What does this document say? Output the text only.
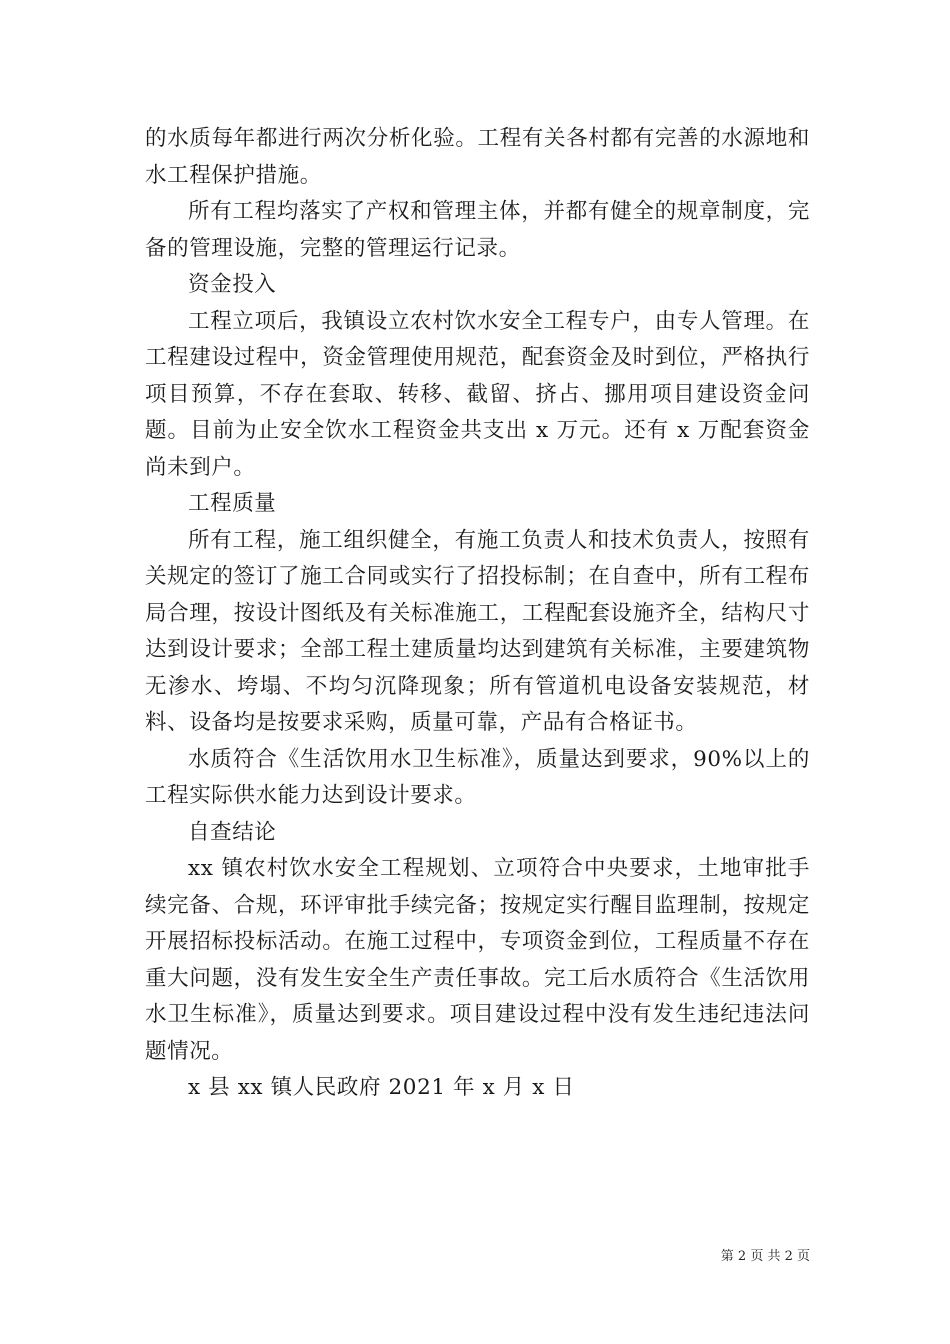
的水质每年都进行两次分析化验。工程有关各村都有完善的水源地和水工程保护措施。

所有工程均落实了产权和管理主体，并都有健全的规章制度，完备的管理设施，完整的管理运行记录。

资金投入

工程立项后，我镇设立农村饮水安全工程专户，由专人管理。在工程建设过程中，资金管理使用规范，配套资金及时到位，严格执行项目预算，不存在套取、转移、截留、挤占、挪用项目建设资金问题。目前为止安全饮水工程资金共支出 x 万元。还有 x 万配套资金尚未到户。

工程质量

所有工程，施工组织健全，有施工负责人和技术负责人，按照有关规定的签订了施工合同或实行了招投标制；在自查中，所有工程布局合理，按设计图纸及有关标准施工，工程配套设施齐全，结构尺寸达到设计要求；全部工程土建质量均达到建筑有关标准，主要建筑物无渗水、垮塌、不均匀沉降现象；所有管道机电设备安装规范，材料、设备均是按要求采购，质量可靠，产品有合格证书。

水质符合《生活饮用水卫生标准》，质量达到要求，90%以上的工程实际供水能力达到设计要求。

自查结论

xx 镇农村饮水安全工程规划、立项符合中央要求，土地审批手续完备、合规，环评审批手续完备；按规定实行醒目监理制，按规定开展招标投标活动。在施工过程中，专项资金到位，工程质量不存在重大问题，没有发生安全生产责任事故。完工后水质符合《生活饮用水卫生标准》，质量达到要求。项目建设过程中没有发生违纪违法问题情况。

x 县 xx 镇人民政府 2021 年 x 月 x 日

第 2 页 共 2 页
